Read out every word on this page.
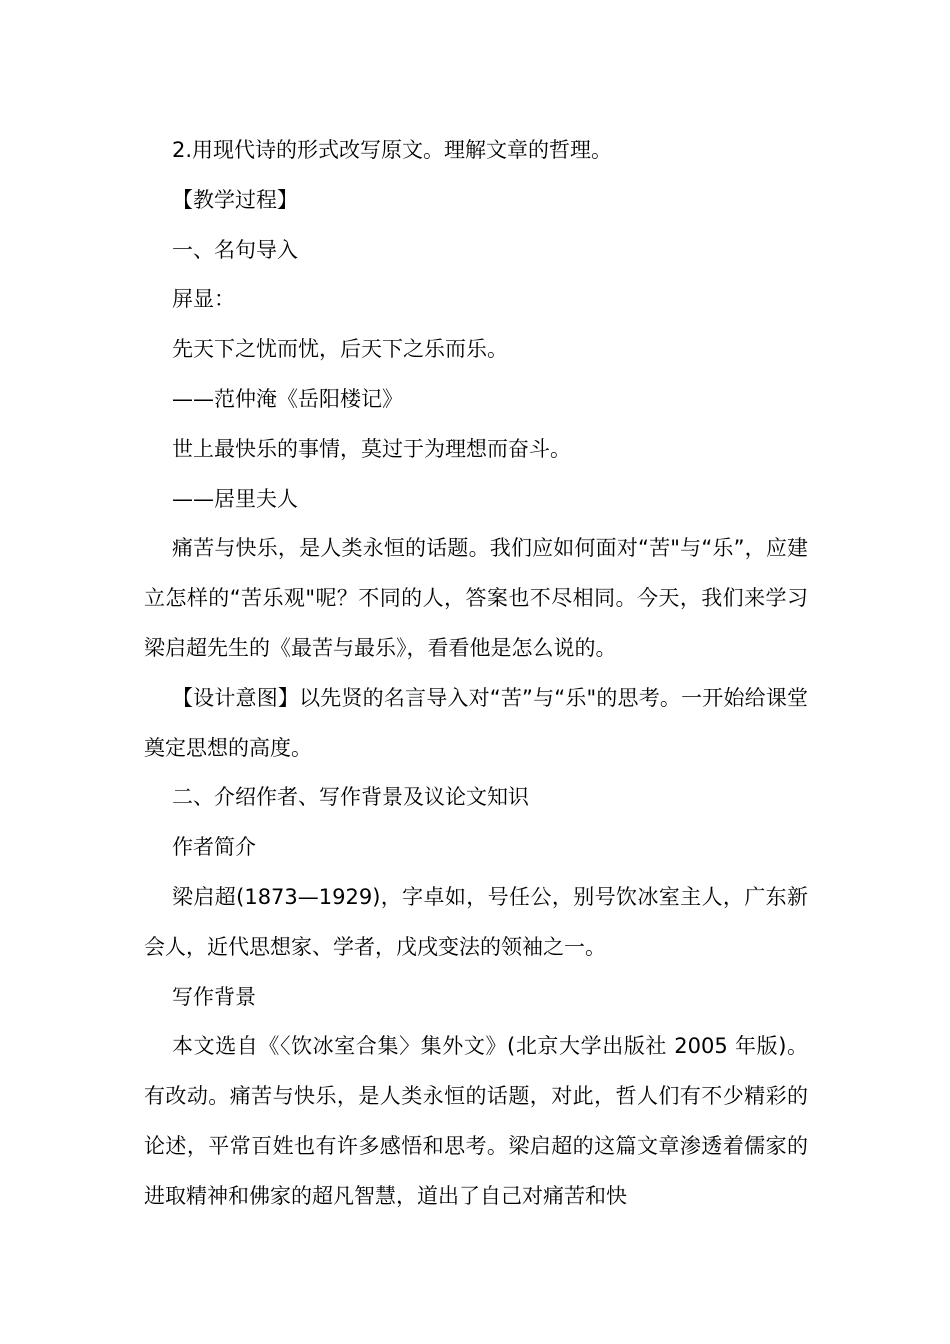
2.用现代诗的形式改写原文。理解文章的哲理。

【教学过程】

一、名句导入

屏显：

先天下之忧而忧，后天下之乐而乐。

——范仲淹《岳阳楼记》

世上最快乐的事情，莫过于为理想而奋斗。

——居里夫人

痛苦与快乐，是人类永恒的话题。我们应如何面对“苦"与“乐”，应建立怎样的“苦乐观"呢？不同的人，答案也不尽相同。今天，我们来学习梁启超先生的《最苦与最乐》，看看他是怎么说的。

【设计意图】以先贤的名言导入对“苦”与“乐"的思考。一开始给课堂奠定思想的高度。

二、介绍作者、写作背景及议论文知识

作者简介

梁启超(1873—1929)，字卓如，号任公，别号饮冰室主人，广东新会人，近代思想家、学者，戊戌变法的领袖之一。

写作背景

本文选自《〈饮冰室合集〉集外文》(北京大学出版社 2005 年版)。有改动。痛苦与快乐，是人类永恒的话题，对此，哲人们有不少精彩的论述，平常百姓也有许多感悟和思考。梁启超的这篇文章渗透着儒家的进取精神和佛家的超凡智慧，道出了自己对痛苦和快
